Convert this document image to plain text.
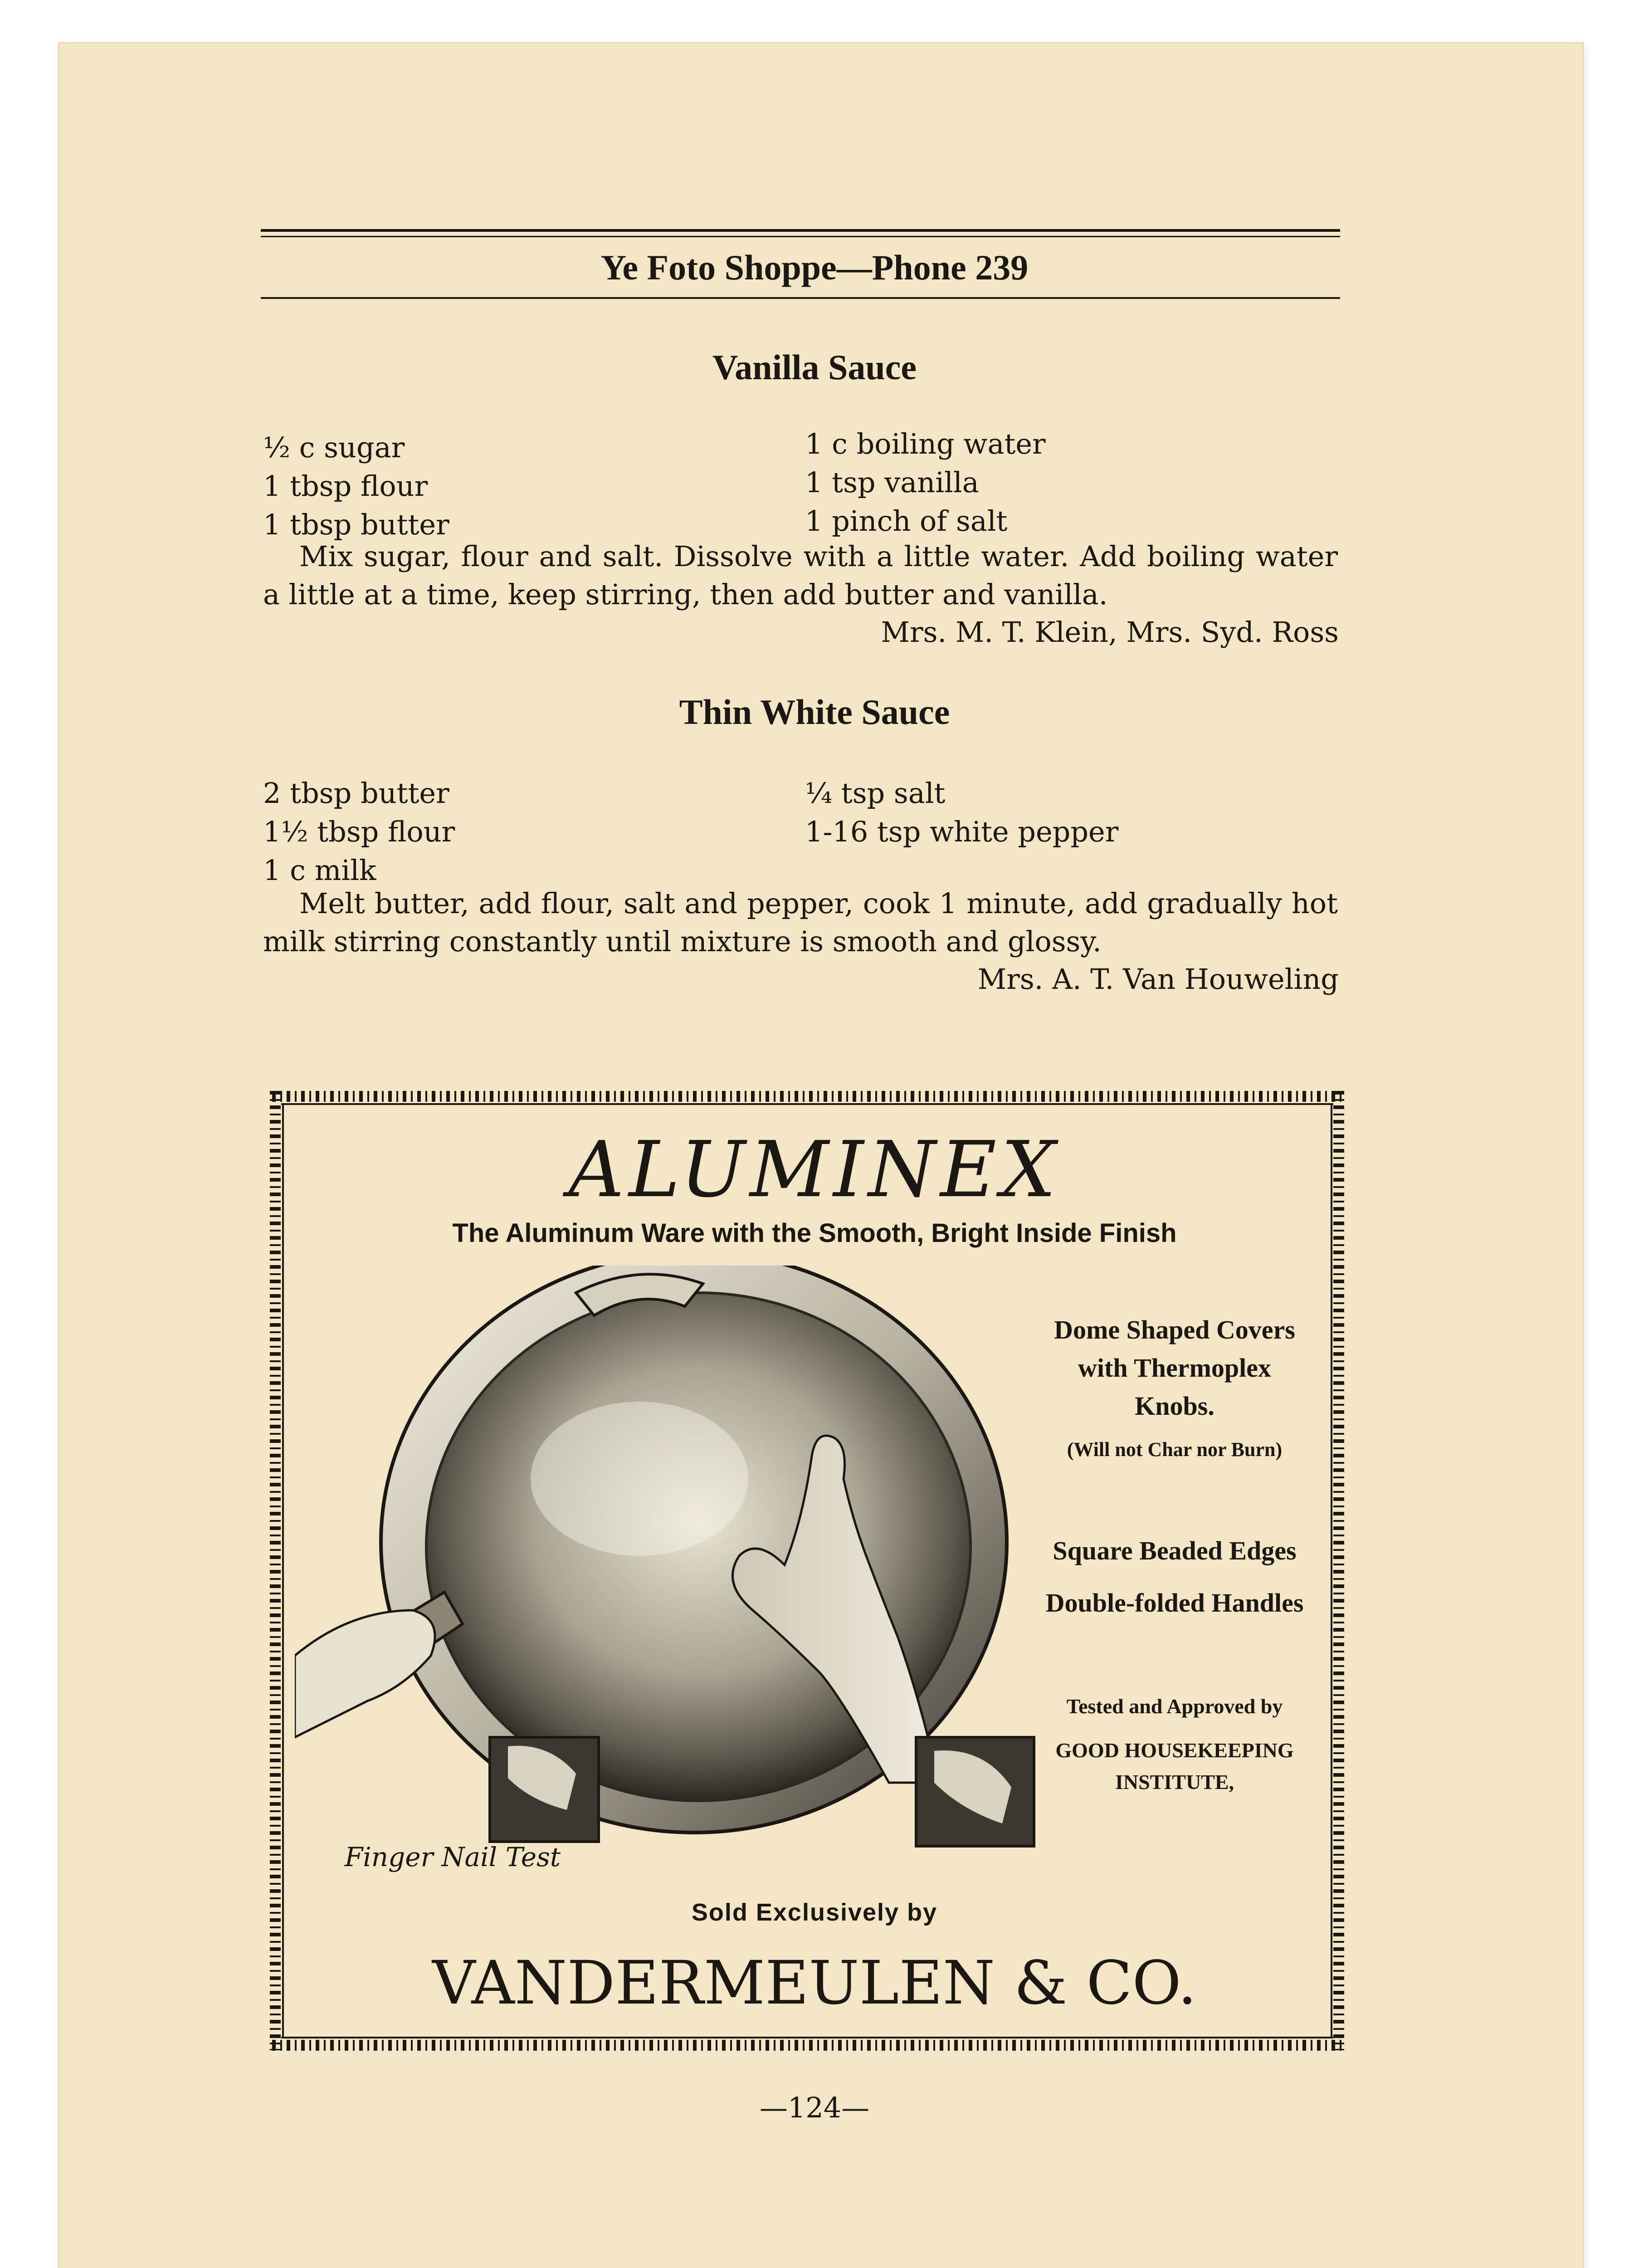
Ye Foto Shoppe—Phone 239
Vanilla Sauce
½ c sugar
1 tbsp flour
1 tbsp butter
1 c boiling water
1 tsp vanilla
1 pinch of salt

Mix sugar, flour and salt. Dissolve with a little water. Add boiling water a little at a time, keep stirring, then add butter and vanilla.

Mrs. M. T. Klein, Mrs. Syd. Ross
Thin White Sauce
2 tbsp butter
1½ tbsp flour
1 c milk
¼ tsp salt
1-16 tsp white pepper

Melt butter, add flour, salt and pepper, cook 1 minute, add gradually hot milk stirring constantly until mixture is smooth and glossy.

Mrs. A. T. Van Houweling
ALUMINEX
The Aluminum Ware with the Smooth, Bright Inside Finish
Dome Shaped Covers
with Thermoplex
Knobs.
(Will not Char nor Burn)
Square Beaded Edges
Double-folded Handles
Tested and Approved by
GOOD HOUSEKEEPING
INSTITUTE,
Finger Nail Test
Sold Exclusively by
VANDERMEULEN & CO.
—124—
